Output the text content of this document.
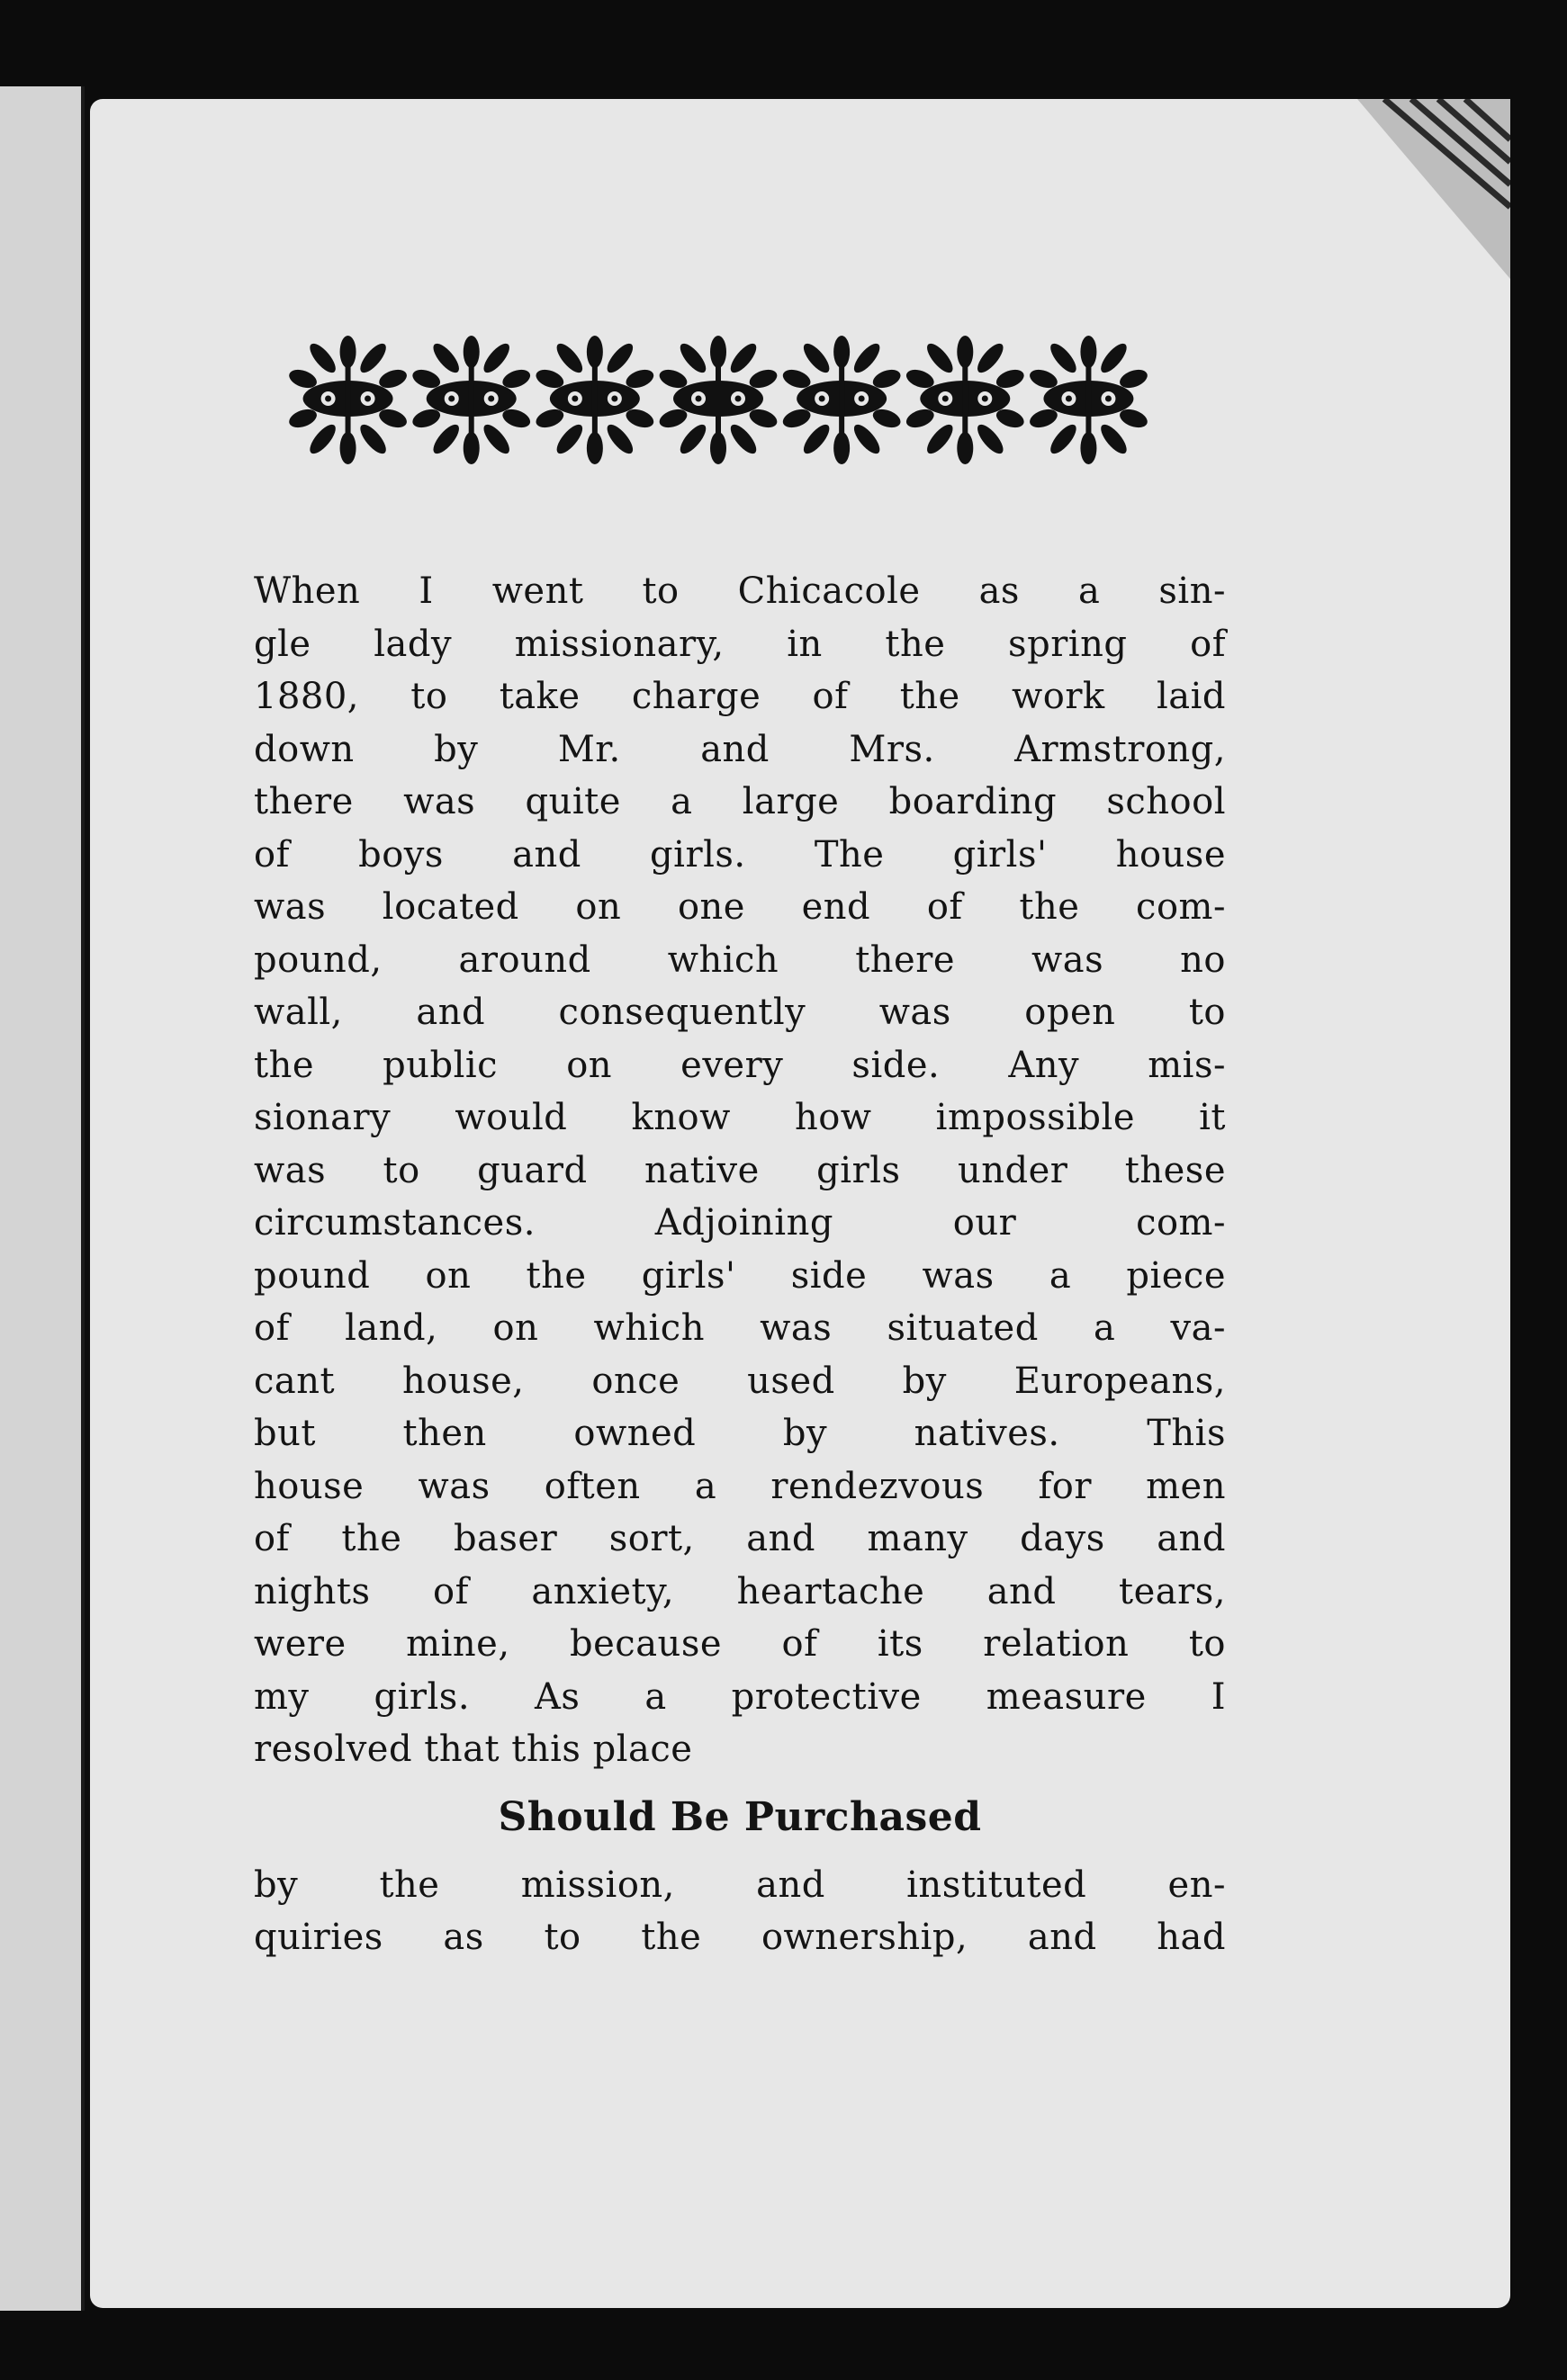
When I went to Chicacole as a sin-
gle lady missionary, in the spring of
1880, to take charge of the work laid
down by Mr. and Mrs. Armstrong,
there was quite a large boarding school
of boys and girls. The girls' house
was located on one end of the com-
pound, around which there was no
wall, and consequently was open to
the public on every side. Any mis-
sionary would know how impossible it
was to guard native girls under these
circumstances. Adjoining our com-
pound on the girls' side was a piece
of land, on which was situated a va-
cant house, once used by Europeans,
but then owned by natives. This
house was often a rendezvous for men
of the baser sort, and many days and
nights of anxiety, heartache and tears,
were mine, because of its relation to
my girls. As a protective measure I
resolved that this place
Should Be Purchased
by the mission, and instituted en-
quiries as to the ownership, and had
